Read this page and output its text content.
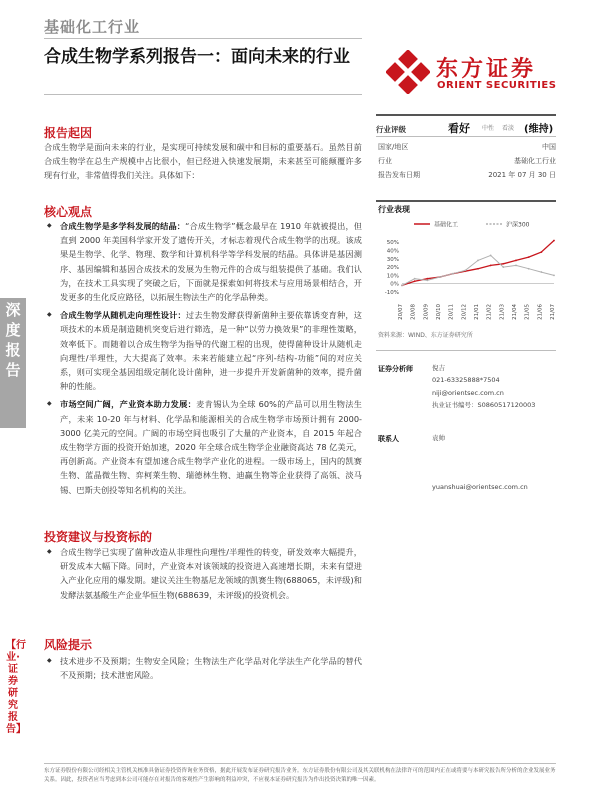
基础化工行业
合成生物学系列报告一：面向未来的行业	东方证券
ORIENT SECURITIES
深度报告
【行业·证券研究报告】
报告起因
合成生物学是面向未来的行业，是实现可持续发展和碳中和目标的重要基石。虽然目前合成生物学在总生产规模中占比很小，但已经进入快速发展期，未来甚至可能颠覆许多现有行业，非常值得我们关注。具体如下：
核心观点
◆ 合成生物学是多学科发展的结晶：“合成生物学”概念最早在 1910 年就被提出，但直到 2000 年美国科学家开发了遗传开关，才标志着现代合成生物学的出现。该成果是生物学、化学、物理、数学和计算机科学等学科发展的结晶。具体讲是基因测序、基因编辑和基因合成技术的发展为生物元件的合成与组装提供了基础。我们认为，在技术工具实现了突破之后，下面就是探索如何将技术与应用场景相结合，开发更多的生化反应路径，以拓展生物法生产的化学品种类。
◆ 合成生物学从随机走向理性设计：过去生物发酵获得新菌种主要依靠诱变育种，这项技术的本质是制造随机突变后进行筛选，是一种“以劳力换效果”的非理性策略，效率低下。而随着以合成生物学为指导的代谢工程的出现，使得菌种设计从随机走向理性/半理性，大大提高了效率。未来若能建立起“序列-结构-功能”间的对应关系，则可实现全基因组级定制化设计菌种，进一步提升开发新菌种的效率，提升菌种的性能。
◆ 市场空间广阔，产业资本助力发展：麦肯锡认为全球 60%的产品可以用生物法生产，未来 10-20 年与材料、化学品和能源相关的合成生物学市场预计拥有 2000-3000 亿美元的空间。广阔的市场空间也吸引了大量的产业资本，自 2015 年起合成生物学方面的投资开始加速，2020 年全球合成生物学企业融资高达 78 亿美元，再创新高。产业资本有望加速合成生物学产业化的进程。一级市场上，国内的凯赛生物、蓝晶微生物、弈柯莱生物、瑞德林生物、迪赢生物等企业获得了高瓴、淡马锡、巴斯夫创投等知名机构的关注。
投资建议与投资标的
◆ 合成生物学已实现了菌种改造从非理性向理性/半理性的转变，研发效率大幅提升，研发成本大幅下降。同时，产业资本对该领域的投资进入高速增长期，未来有望进入产业化应用的爆发期。建议关注生物基尼龙领域的凯赛生物(688065，未评级)和发酵法氨基酸生产企业华恒生物(688639，未评级)的投资机会。
风险提示
◆ 技术进步不及预期；生物安全风险；生物法生产化学品对化学法生产化学品的替代不及预期；技术泄密风险。
行业评级	看好 中性 看淡 (维持)
国家/地区	中国
行业	基础化工行业
报告发布日期	2021 年 07 月 30 日
行业表现
基础化工	沪深300
50%
40%
30%
20%
10%
0%
-10%
20/07 20/08 20/09 20/10 20/11 20/12 21/01 21/02 21/03 21/04 21/05 21/06 21/07
资料来源：WIND、东方证券研究所
证券分析师	倪吉
021-63325888*7504
niji@orientsec.com.cn
执业证书编号：S0860517120003
联系人	袁帅
yuanshuai@orientsec.com.cn
东方证券股份有限公司经相关主管机关核准具备证券投资咨询业务资格，据此开展发布证券研究报告业务。东方证券股份有限公司及其关联机构在法律许可的范围内正在或将要与本研究报告所分析的企业发展业务关系。因此，投资者应当考虑到本公司可能存在对报告的客观性产生影响的利益冲突，不应视本证券研究报告为作出投资决策的唯一因素。
